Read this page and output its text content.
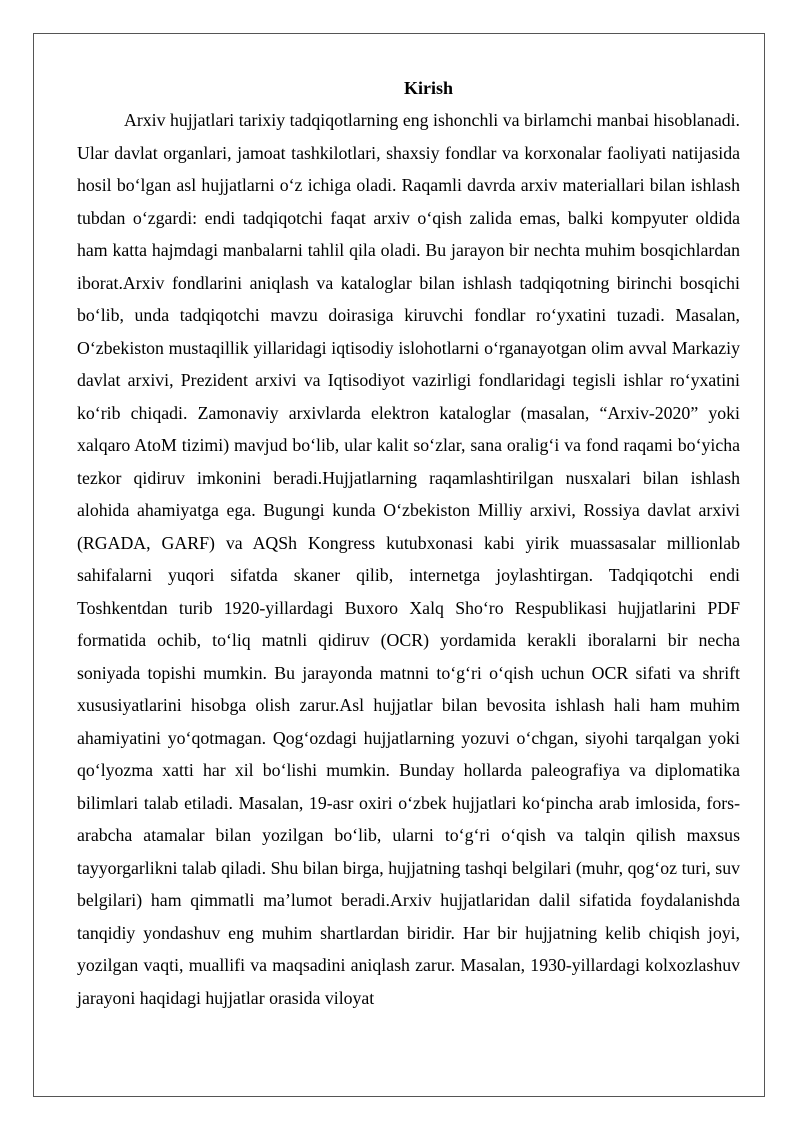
Kirish

Arxiv hujjatlari tarixiy tadqiqotlarning eng ishonchli va birlamchi manbai hisoblanadi. Ular davlat organlari, jamoat tashkilotlari, shaxsiy fondlar va korxonalar faoliyati natijasida hosil bo‘lgan asl hujjatlarni o‘z ichiga oladi. Raqamli davrda arxiv materiallari bilan ishlash tubdan o‘zgardi: endi tadqiqotchi faqat arxiv o‘qish zalida emas, balki kompyuter oldida ham katta hajmdagi manbalarni tahlil qila oladi. Bu jarayon bir nechta muhim bosqichlardan iborat.Arxiv fondlarini aniqlash va kataloglar bilan ishlash tadqiqotning birinchi bosqichi bo‘lib, unda tadqiqotchi mavzu doirasiga kiruvchi fondlar ro‘yxatini tuzadi. Masalan, O‘zbekiston mustaqillik yillaridagi iqtisodiy islohotlarni o‘rganayotgan olim avval Markaziy davlat arxivi, Prezident arxivi va Iqtisodiyot vazirligi fondlaridagi tegisli ishlar ro‘yxatini ko‘rib chiqadi. Zamonaviy arxivlarda elektron kataloglar (masalan, “Arxiv-2020” yoki xalqaro AtoM tizimi) mavjud bo‘lib, ular kalit so‘zlar, sana oralig‘i va fond raqami bo‘yicha tezkor qidiruv imkonini beradi.Hujjatlarning raqamlashtirilgan nusxalari bilan ishlash alohida ahamiyatga ega. Bugungi kunda O‘zbekiston Milliy arxivi, Rossiya davlat arxivi (RGADA, GARF) va AQSh Kongress kutubxonasi kabi yirik muassasalar millionlab sahifalarni yuqori sifatda skaner qilib, internetga joylashtirgan. Tadqiqotchi endi Toshkentdan turib 1920-yillardagi Buxoro Xalq Sho‘ro Respublikasi hujjatlarini PDF formatida ochib, to‘liq matnli qidiruv (OCR) yordamida kerakli iboralarni bir necha soniyada topishi mumkin. Bu jarayonda matnni to‘g‘ri o‘qish uchun OCR sifati va shrift xususiyatlarini hisobga olish zarur.Asl hujjatlar bilan bevosita ishlash hali ham muhim ahamiyatini yo‘qotmagan. Qog‘ozdagi hujjatlarning yozuvi o‘chgan, siyohi tarqalgan yoki qo‘lyozma xatti har xil bo‘lishi mumkin. Bunday hollarda paleografiya va diplomatika bilimlari talab etiladi. Masalan, 19-asr oxiri o‘zbek hujjatlari ko‘pincha arab imlosida, fors-arabcha atamalar bilan yozilgan bo‘lib, ularni to‘g‘ri o‘qish va talqin qilish maxsus tayyorgarlikni talab qiladi. Shu bilan birga, hujjatning tashqi belgilari (muhr, qog‘oz turi, suv belgilari) ham qimmatli ma’lumot beradi.Arxiv hujjatlaridan dalil sifatida foydalanishda tanqidiy yondashuv eng muhim shartlardan biridir. Har bir hujjatning kelib chiqish joyi, yozilgan vaqti, muallifi va maqsadini aniqlash zarur. Masalan, 1930-yillardagi kolxozlashuv jarayoni haqidagi hujjatlar orasida viloyat
